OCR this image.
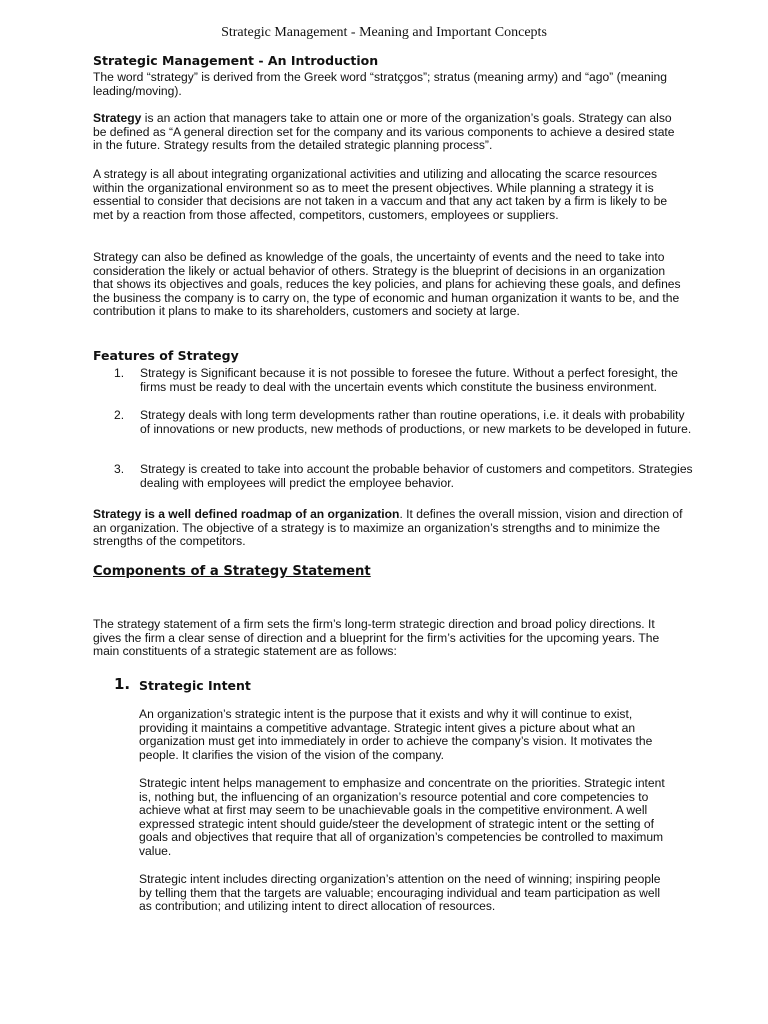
Strategic Management - Meaning and Important Concepts
Strategic Management - An Introduction

The word “strategy” is derived from the Greek word “stratçgos”; stratus (meaning army) and “ago” (meaning leading/moving).

Strategy is an action that managers take to attain one or more of the organization’s goals. Strategy can also be defined as “A general direction set for the company and its various components to achieve a desired state in the future. Strategy results from the detailed strategic planning process”.

A strategy is all about integrating organizational activities and utilizing and allocating the scarce resources within the organizational environment so as to meet the present objectives. While planning a strategy it is essential to consider that decisions are not taken in a vaccum and that any act taken by a firm is likely to be met by a reaction from those affected, competitors, customers, employees or suppliers.

Strategy can also be defined as knowledge of the goals, the uncertainty of events and the need to take into consideration the likely or actual behavior of others. Strategy is the blueprint of decisions in an organization that shows its objectives and goals, reduces the key policies, and plans for achieving these goals, and defines the business the company is to carry on, the type of economic and human organization it wants to be, and the contribution it plans to make to its shareholders, customers and society at large.

Features of Strategy
1.	Strategy is Significant because it is not possible to foresee the future. Without a perfect foresight, the firms must be ready to deal with the uncertain events which constitute the business environment.
2.	Strategy deals with long term developments rather than routine operations, i.e. it deals with probability of innovations or new products, new methods of productions, or new markets to be developed in future.
3.	Strategy is created to take into account the probable behavior of customers and competitors. Strategies dealing with employees will predict the employee behavior.

Strategy is a well defined roadmap of an organization. It defines the overall mission, vision and direction of an organization. The objective of a strategy is to maximize an organization’s strengths and to minimize the strengths of the competitors.

Components of a Strategy Statement

The strategy statement of a firm sets the firm’s long-term strategic direction and broad policy directions. It gives the firm a clear sense of direction and a blueprint for the firm’s activities for the upcoming years. The main constituents of a strategic statement are as follows:

1. Strategic Intent

An organization’s strategic intent is the purpose that it exists and why it will continue to exist, providing it maintains a competitive advantage. Strategic intent gives a picture about what an organization must get into immediately in order to achieve the company’s vision. It motivates the people. It clarifies the vision of the vision of the company.

Strategic intent helps management to emphasize and concentrate on the priorities. Strategic intent is, nothing but, the influencing of an organization’s resource potential and core competencies to achieve what at first may seem to be unachievable goals in the competitive environment. A well expressed strategic intent should guide/steer the development of strategic intent or the setting of goals and objectives that require that all of organization’s competencies be controlled to maximum value.

Strategic intent includes directing organization’s attention on the need of winning; inspiring people by telling them that the targets are valuable; encouraging individual and team participation as well as contribution; and utilizing intent to direct allocation of resources.
